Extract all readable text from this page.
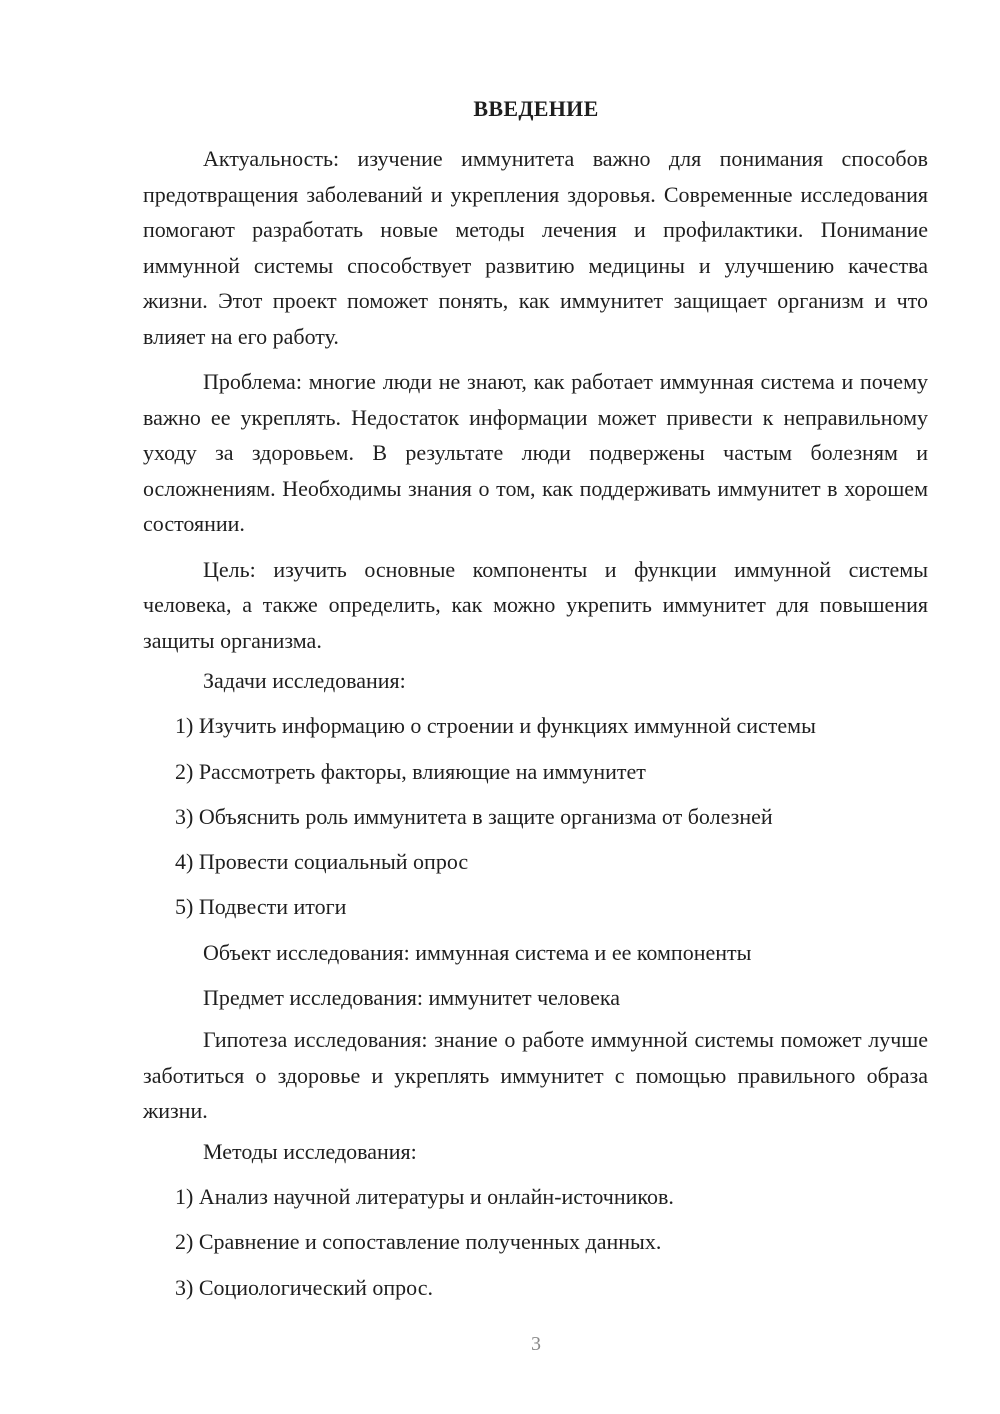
ВВЕДЕНИЕ

Актуальность: изучение иммунитета важно для понимания способов предотвращения заболеваний и укрепления здоровья. Современные исследования помогают разработать новые методы лечения и профилактики. Понимание иммунной системы способствует развитию медицины и улучшению качества жизни. Этот проект поможет понять, как иммунитет защищает организм и что влияет на его работу.

Проблема: многие люди не знают, как работает иммунная система и почему важно ее укреплять. Недостаток информации может привести к неправильному уходу за здоровьем. В результате люди подвержены частым болезням и осложнениям. Необходимы знания о том, как поддерживать иммунитет в хорошем состоянии.

Цель: изучить основные компоненты и функции иммунной системы человека, а также определить, как можно укрепить иммунитет для повышения защиты организма.

Задачи исследования:

1) Изучить информацию о строении и функциях иммунной системы

2) Рассмотреть факторы, влияющие на иммунитет

3) Объяснить роль иммунитета в защите организма от болезней

4) Провести социальный опрос

5) Подвести итоги

Объект исследования: иммунная система и ее компоненты

Предмет исследования: иммунитет человека

Гипотеза исследования: знание о работе иммунной системы поможет лучше заботиться о здоровье и укреплять иммунитет с помощью правильного образа жизни.

Методы исследования:

1) Анализ научной литературы и онлайн-источников.

2) Сравнение и сопоставление полученных данных.

3) Социологический опрос.

3
